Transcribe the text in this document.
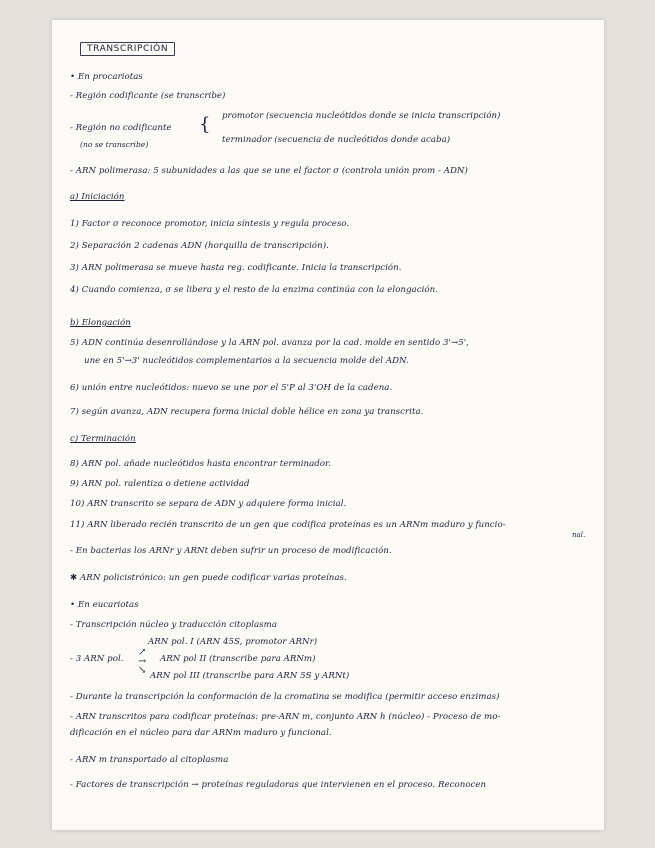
TRANSCRIPCIÓN
• En procariotas
- Región codificante (se transcribe)
promotor (secuencia nucleótidos donde se inicia transcripción)
{
- Región no codificante
terminador (secuencia de nucleótidos donde acaba)
(no se transcribe)
- ARN polimerasa: 5 subunidades a las que se une el factor σ (controla unión prom - ADN)
a) Iniciación
1) Factor σ reconoce promotor, inicia síntesis y regula proceso.
2) Separación 2 cadenas ADN (horquilla de transcripción).
3) ARN polimerasa se mueve hasta reg. codificante. Inicia la transcripción.
4) Cuando comienza, σ se libera y el resto de la enzima continúa con la elongación.
b) Elongación
5) ADN continúa desenrollándose y la ARN pol. avanza por la cad. molde en sentido 3'→5',
une en 5'→3' nucleótidos complementarios a la secuencia molde del ADN.
6) unión entre nucleótidos: nuevo se une por el 5'P al 3'OH de la cadena.
7) según avanza, ADN recupera forma inicial doble hélice en zona ya transcrita.
c) Terminación
8) ARN pol. añade nucleótidos hasta encontrar terminador.
9) ARN pol. ralentiza o detiene actividad
10) ARN transcrito se separa de ADN y adquiere forma inicial.
11) ARN liberado recién transcrito de un gen que codifica proteínas es un ARNm maduro y funcio-
nal.
- En bacterias los ARNr y ARNt deben sufrir un proceso de modificación.
✱ ARN policistrónico: un gen puede codificar varias proteínas.
• En eucariotas
- Transcripción núcleo y traducción citoplasma
ARN pol. I (ARN 45S, promotor ARNr)
- 3 ARN pol.
↗
→
↘
ARN pol II (transcribe para ARNm)
ARN pol III (transcribe para ARN 5S y ARNt)
- Durante la transcripción la conformación de la cromatina se modifica (permitir acceso enzimas)
- ARN transcritos para codificar proteínas: pre-ARN m, conjunto ARN h (núcleo) - Proceso de mo-
dificación en el núcleo para dar ARNm maduro y funcional.
- ARN m transportado al citoplasma
- Factores de transcripción → proteínas reguladoras que intervienen en el proceso. Reconocen
